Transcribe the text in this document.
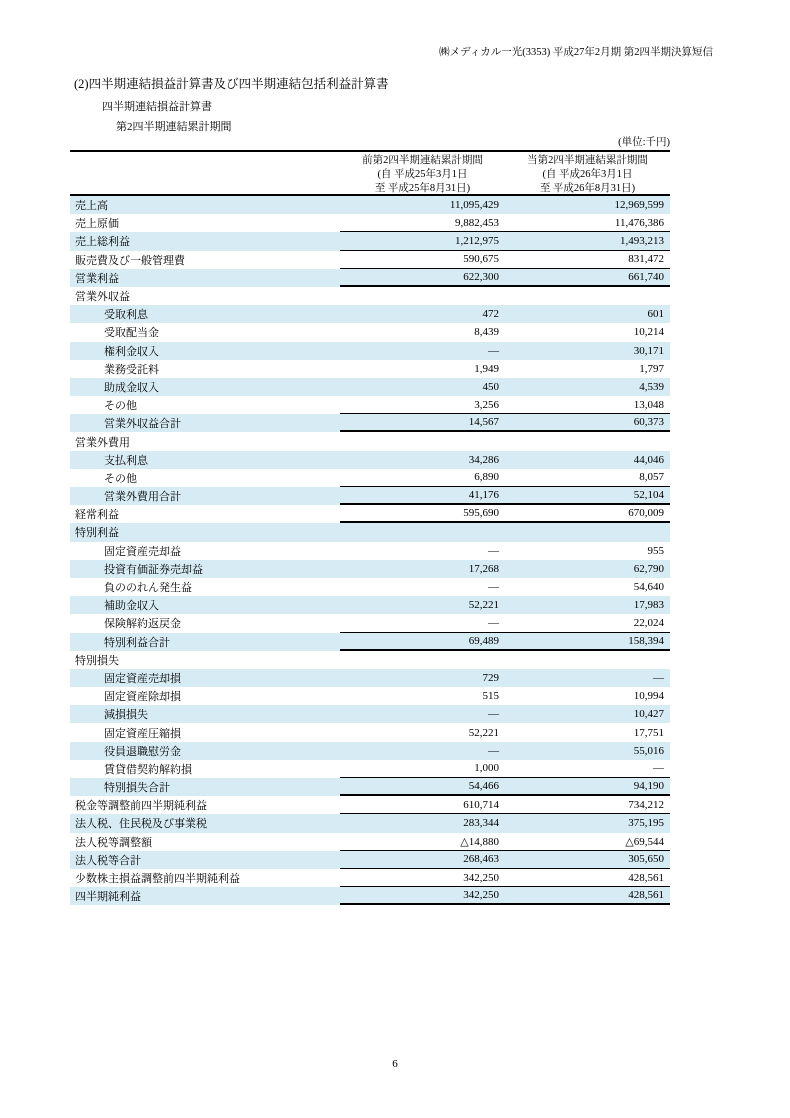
㈱メディカル一光(3353) 平成27年2月期 第2四半期決算短信
(2)四半期連結損益計算書及び四半期連結包括利益計算書
四半期連結損益計算書
第2四半期連結累計期間
(単位:千円)
前第2四半期連結累計期間
(自 平成25年3月1日
至 平成25年8月31日)
当第2四半期連結累計期間
(自 平成26年3月1日
至 平成26年8月31日)
売上高	11,095,429	12,969,599
売上原価	9,882,453	11,476,386
売上総利益	1,212,975	1,493,213
販売費及び一般管理費	590,675	831,472
営業利益	622,300	661,740
営業外収益
受取利息	472	601
受取配当金	8,439	10,214
権利金収入	―	30,171
業務受託料	1,949	1,797
助成金収入	450	4,539
その他	3,256	13,048
営業外収益合計	14,567	60,373
営業外費用
支払利息	34,286	44,046
その他	6,890	8,057
営業外費用合計	41,176	52,104
経常利益	595,690	670,009
特別利益
固定資産売却益	―	955
投資有価証券売却益	17,268	62,790
負ののれん発生益	―	54,640
補助金収入	52,221	17,983
保険解約返戻金	―	22,024
特別利益合計	69,489	158,394
特別損失
固定資産売却損	729	―
固定資産除却損	515	10,994
減損損失	―	10,427
固定資産圧縮損	52,221	17,751
役員退職慰労金	―	55,016
賃貸借契約解約損	1,000	―
特別損失合計	54,466	94,190
税金等調整前四半期純利益	610,714	734,212
法人税、住民税及び事業税	283,344	375,195
法人税等調整額	△14,880	△69,544
法人税等合計	268,463	305,650
少数株主損益調整前四半期純利益	342,250	428,561
四半期純利益	342,250	428,561
6
